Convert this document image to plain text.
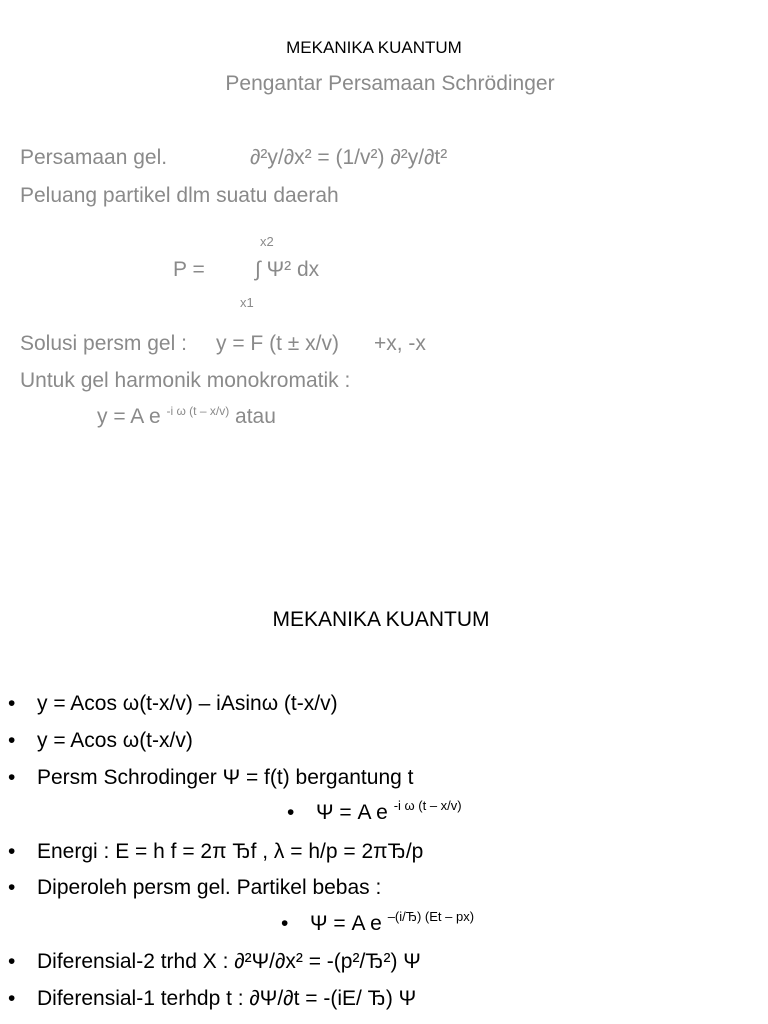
MEKANIKA KUANTUM
Pengantar Persamaan Schrödinger
Persamaan gel.	∂²y/∂x² = (1/v²) ∂²y/∂t²
Peluang partikel dlm suatu daerah
x2
P = ∫ Ψ² dx
x1
Solusi persm gel : y = F (t ± x/v) +x, -x
Untuk gel harmonik monokromatik :
y = A e $^{-i \omega (t - x/v)}$ atau
MEKANIKA KUANTUM
• y = Acos ω(t-x/v) – iAsinω (t-x/v)
• y = Acos ω(t-x/v)
• Persm Schrodinger Ψ = f(t) bergantung t
• Ψ = A e $^{-i \omega (t - x/v)}$
• Energi : E = h f = 2π Ђf , λ = h/p = 2πЂ/p
• Diperoleh persm gel. Partikel bebas :
• Ψ = A e $^{-(i/Ђ) (Et - px)}$
• Diferensial-2 trhd X : ∂²Ψ/∂x² = -(p²/Ђ²) Ψ
• Diferensial-1 terhdp t : ∂Ψ/∂t = -(iE/ Ђ) Ψ
